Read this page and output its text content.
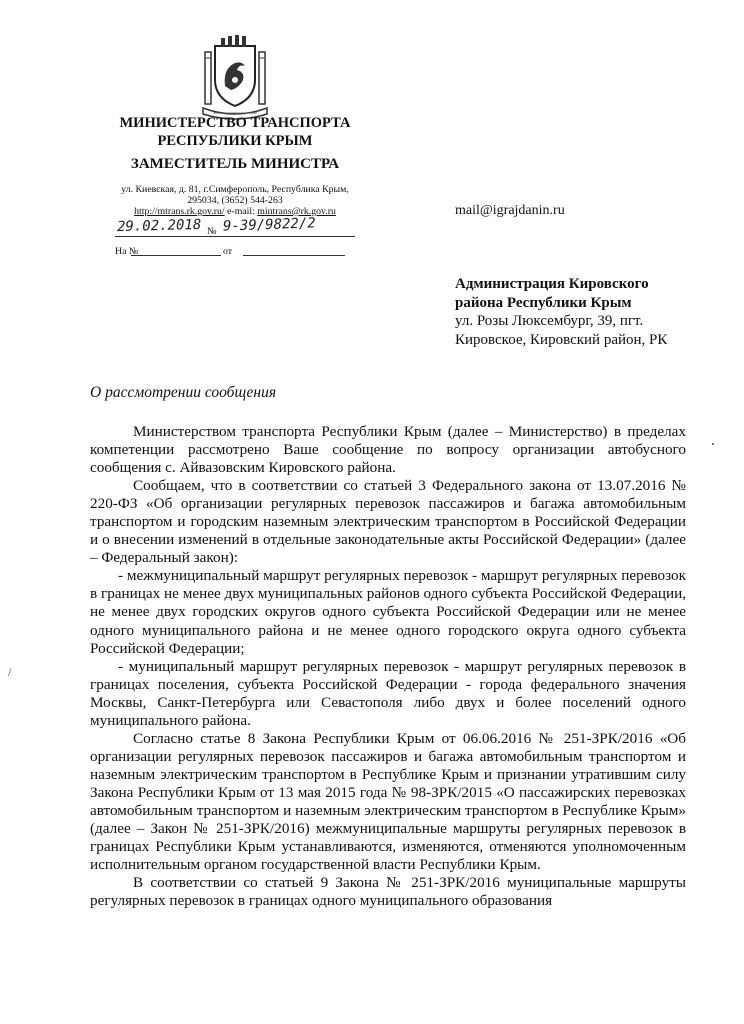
МИНИСТЕРСТВО ТРАНСПОРТА
РЕСПУБЛИКИ КРЫМ
ЗАМЕСТИТЕЛЬ МИНИСТРА
ул. Киевская, д. 81, г.Симферополь, Республика Крым,
295034, (3652) 544-263
http://mtrans.rk.gov.ru/ e-mail: mintrans@rk.gov.ru
29.02.2018 № 9-39/9822/2
На №	от
mail@igrajdanin.ru
Администрация Кировского
района Республики Крым
ул. Розы Люксембург, 39, пгт.
Кировское, Кировский район, РК
О рассмотрении сообщения

Министерством транспорта Республики Крым (далее – Министерство) в пределах компетенции рассмотрено Ваше сообщение по вопросу организации автобусного сообщения с. Айвазовским Кировского района.

Сообщаем, что в соответствии со статьей 3 Федерального закона от 13.07.2016 № 220-ФЗ «Об организации регулярных перевозок пассажиров и багажа автомобильным транспортом и городским наземным электрическим транспортом в Российской Федерации и о внесении изменений в отдельные законодательные акты Российской Федерации» (далее – Федеральный закон):

- межмуниципальный маршрут регулярных перевозок - маршрут регулярных перевозок в границах не менее двух муниципальных районов одного субъекта Российской Федерации, не менее двух городских округов одного субъекта Российской Федерации или не менее одного муниципального района и не менее одного городского округа одного субъекта Российской Федерации;

- муниципальный маршрут регулярных перевозок - маршрут регулярных перевозок в границах поселения, субъекта Российской Федерации - города федерального значения Москвы, Санкт-Петербурга или Севастополя либо двух и более поселений одного муниципального района.

Согласно статье 8 Закона Республики Крым от 06.06.2016 № 251-ЗРК/2016 «Об организации регулярных перевозок пассажиров и багажа автомобильным транспортом и наземным электрическим транспортом в Республике Крым и признании утратившим силу Закона Республики Крым от 13 мая 2015 года № 98-ЗРК/2015 «О пассажирских перевозках автомобильным транспортом и наземным электрическим транспортом в Республике Крым» (далее – Закон № 251-ЗРК/2016) межмуниципальные маршруты регулярных перевозок в границах Республики Крым устанавливаются, изменяются, отменяются уполномоченным исполнительным органом государственной власти Республики Крым.

В соответствии со статьей 9 Закона № 251-ЗРК/2016 муниципальные маршруты регулярных перевозок в границах одного муниципального образования

/
